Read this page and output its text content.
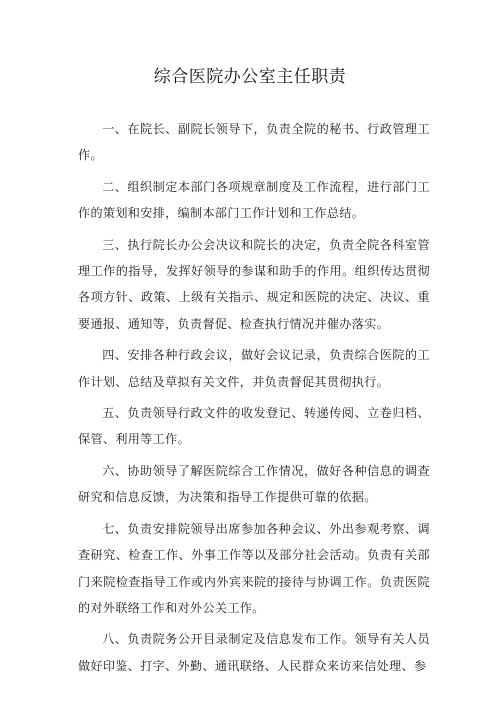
综合医院办公室主任职责

一、在院长、副院长领导下，负责全院的秘书、行政管理工作。

二、组织制定本部门各项规章制度及工作流程，进行部门工作的策划和安排，编制本部门工作计划和工作总结。

三、执行院长办公会决议和院长的决定，负责全院各科室管理工作的指导，发挥好领导的参谋和助手的作用。组织传达贯彻各项方针、政策、上级有关指示、规定和医院的决定、决议、重要通报、通知等，负责督促、检查执行情况并催办落实。

四、安排各种行政会议，做好会议记录，负责综合医院的工作计划、总结及草拟有关文件，并负责督促其贯彻执行。

五、负责领导行政文件的收发登记、转递传阅、立卷归档、保管、利用等工作。

六、协助领导了解医院综合工作情况，做好各种信息的调查研究和信息反馈，为决策和指导工作提供可靠的依据。

七、负责安排院领导出席参加各种会议、外出参观考察、调查研究、检查工作、外事工作等以及部分社会活动。负责有关部门来院检查指导工作或内外宾来院的接待与协调工作。负责医院的对外联络工作和对外公关工作。

八、负责院务公开目录制定及信息发布工作。领导有关人员做好印鉴、打字、外勤、通讯联络、人民群众来访来信处理、参
